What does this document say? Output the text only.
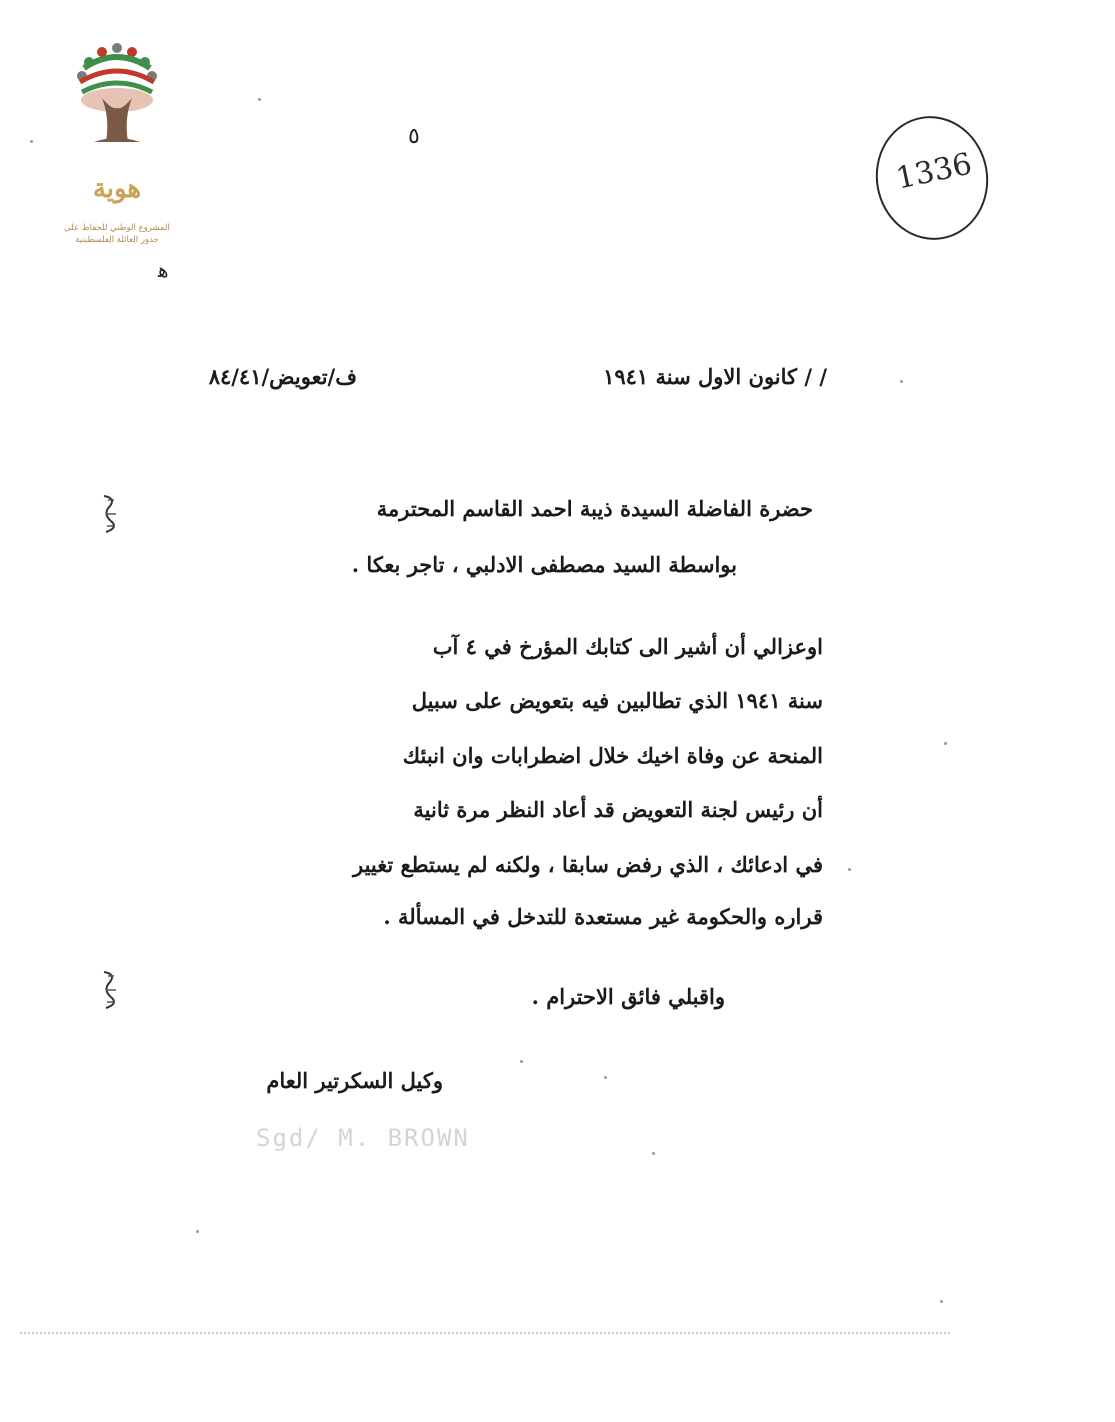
هوية
المشروع الوطني للحفاظ على
جذور العائلة الفلسطينية
1336
٥
ﻫ
/ / كانون الاول سنة ١٩٤١
ف/تعويض/٨٤/٤١
حضرة الفاضلة السيدة ذيبة احمد القاسم المحترمة
بواسطة السيد مصطفى الادلبي ، تاجر بعكا .
اوعزالي أن أشير الى كتابك المؤرخ في ٤ آب
سنة ١٩٤١ الذي تطالبين فيه بتعويض على سبيل
المنحة عن وفاة اخيك خلال اضطرابات وان انبئك
أن رئيس لجنة التعويض قد أعاد النظر مرة ثانية
في ادعائك ، الذي رفض سابقا ، ولكنه لم يستطع تغيير
قراره والحكومة غير مستعدة للتدخل في المسألة .
واقبلي فائق الاحترام .
وكيل السكرتير العام
Sgd/ M. BROWN
